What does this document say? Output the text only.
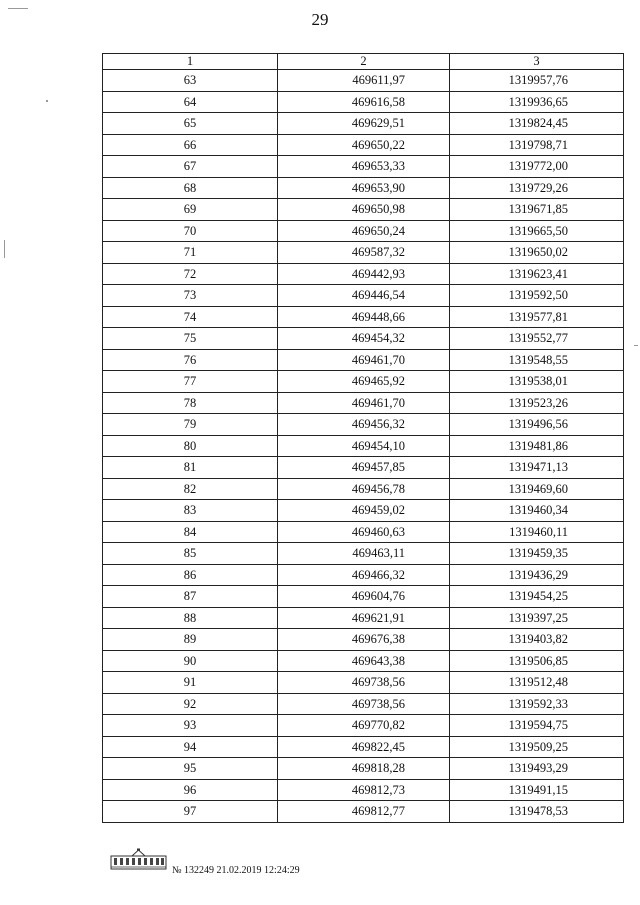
29
1	2	3
63	469611,97	1319957,76
64	469616,58	1319936,65
65	469629,51	1319824,45
66	469650,22	1319798,71
67	469653,33	1319772,00
68	469653,90	1319729,26
69	469650,98	1319671,85
70	469650,24	1319665,50
71	469587,32	1319650,02
72	469442,93	1319623,41
73	469446,54	1319592,50
74	469448,66	1319577,81
75	469454,32	1319552,77
76	469461,70	1319548,55
77	469465,92	1319538,01
78	469461,70	1319523,26
79	469456,32	1319496,56
80	469454,10	1319481,86
81	469457,85	1319471,13
82	469456,78	1319469,60
83	469459,02	1319460,34
84	469460,63	1319460,11
85	469463,11	1319459,35
86	469466,32	1319436,29
87	469604,76	1319454,25
88	469621,91	1319397,25
89	469676,38	1319403,82
90	469643,38	1319506,85
91	469738,56	1319512,48
92	469738,56	1319592,33
93	469770,82	1319594,75
94	469822,45	1319509,25
95	469818,28	1319493,29
96	469812,73	1319491,15
97	469812,77	1319478,53
№ 132249 21.02.2019 12:24:29
